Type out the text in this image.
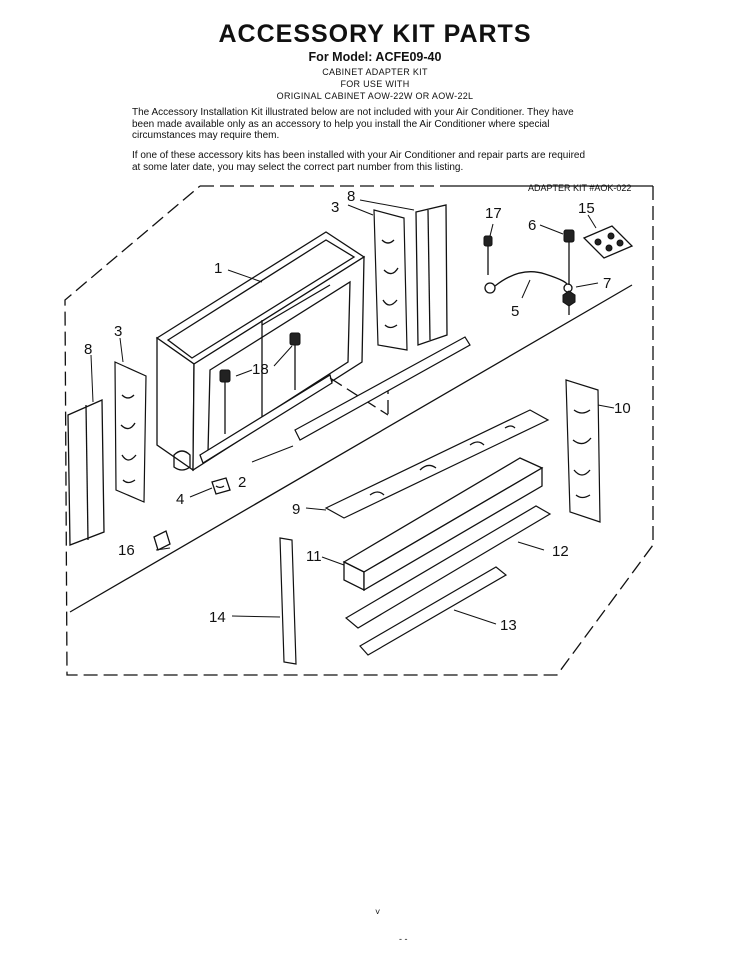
ACCESSORY KIT PARTS
For Model: ACFE09-40
CABINET ADAPTER KIT
FOR USE WITH
ORIGINAL CABINET AOW-22W OR AOW-22L

The Accessory Installation Kit illustrated below are not included with your Air Conditioner. They have been made available only as an accessory to help you install the Air Conditioner where special circumstances may require them.

If one of these accessory kits has been installed with your Air Conditioner and repair parts are required at some later date, you may select the correct part number from this listing.

ADAPTER KIT #AOK-022
1
2
3
3
4
5
6
7
8
8
9
10
11	12
13
14
15
16
17
18
˅
- -
